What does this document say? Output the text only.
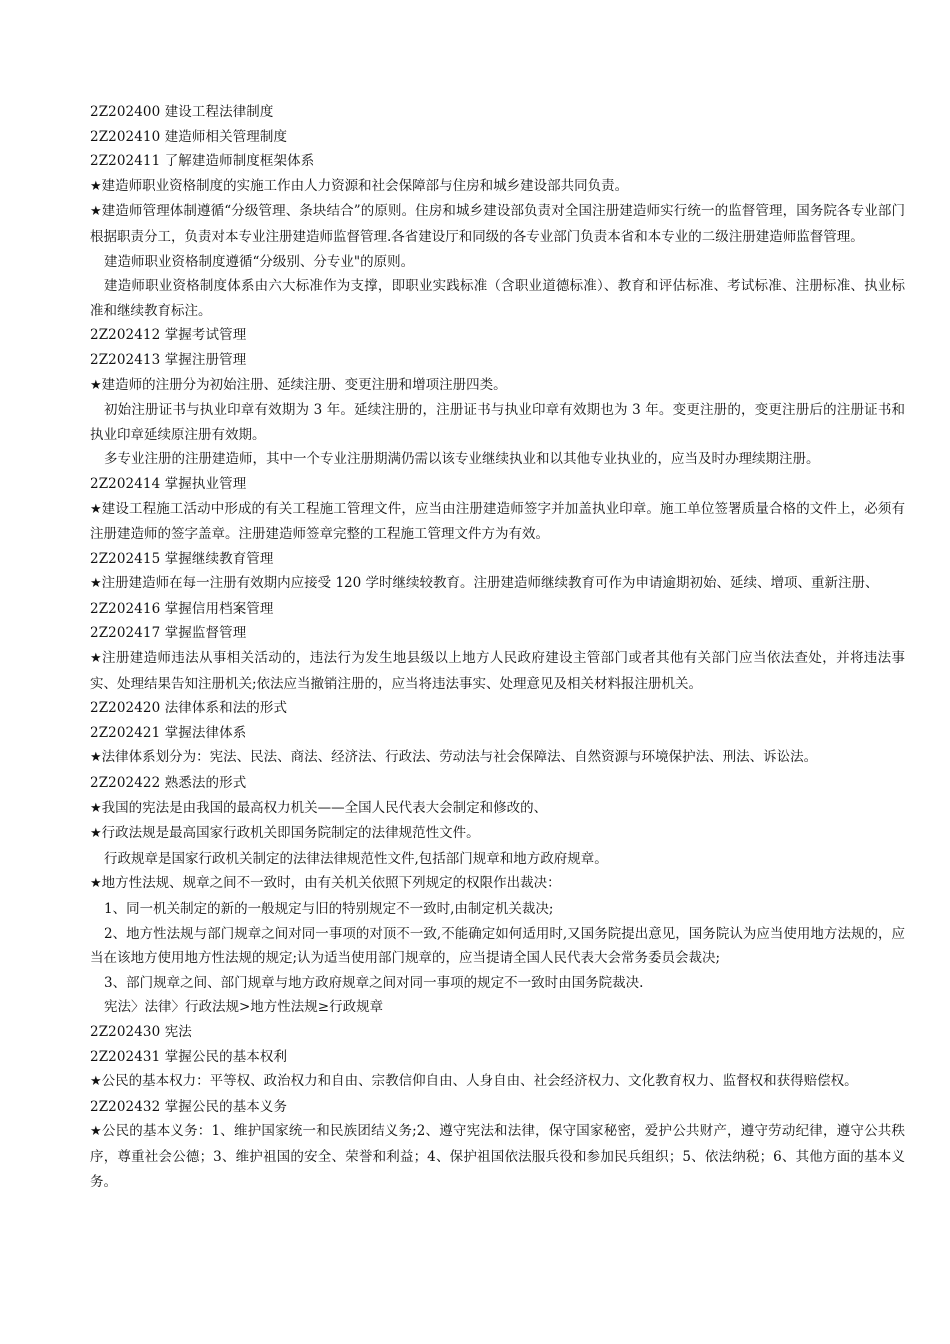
2Z202400 建设工程法律制度

2Z202410 建造师相关管理制度

2Z202411 了解建造师制度框架体系

★建造师职业资格制度的实施工作由人力资源和社会保障部与住房和城乡建设部共同负责。

★建造师管理体制遵循“分级管理、条块结合”的原则。住房和城乡建设部负责对全国注册建造师实行统一的监督管理，国务院各专业部门根据职责分工，负责对本专业注册建造师监督管理.各省建设厅和同级的各专业部门负责本省和本专业的二级注册建造师监督管理。

建造师职业资格制度遵循“分级别、分专业"的原则。

建造师职业资格制度体系由六大标准作为支撑，即职业实践标准（含职业道德标准）、教育和评估标准、考试标准、注册标准、执业标准和继续教育标注。

2Z202412 掌握考试管理

2Z202413 掌握注册管理

★建造师的注册分为初始注册、延续注册、变更注册和增项注册四类。

初始注册证书与执业印章有效期为 3 年。延续注册的，注册证书与执业印章有效期也为 3 年。变更注册的，变更注册后的注册证书和执业印章延续原注册有效期。

多专业注册的注册建造师，其中一个专业注册期满仍需以该专业继续执业和以其他专业执业的，应当及时办理续期注册。

2Z202414 掌握执业管理

★建设工程施工活动中形成的有关工程施工管理文件，应当由注册建造师签字并加盖执业印章。施工单位签署质量合格的文件上，必须有注册建造师的签字盖章。注册建造师签章完整的工程施工管理文件方为有效。

2Z202415 掌握继续教育管理

★注册建造师在每一注册有效期内应接受 120 学时继续较教育。注册建造师继续教育可作为申请逾期初始、延续、增项、重新注册、

2Z202416 掌握信用档案管理

2Z202417 掌握监督管理

★注册建造师违法从事相关活动的，违法行为发生地县级以上地方人民政府建设主管部门或者其他有关部门应当依法查处，并将违法事实、处理结果告知注册机关;依法应当撤销注册的，应当将违法事实、处理意见及相关材料报注册机关。

2Z202420 法律体系和法的形式

2Z202421 掌握法律体系

★法律体系划分为：宪法、民法、商法、经济法、行政法、劳动法与社会保障法、自然资源与环境保护法、刑法、诉讼法。

2Z202422 熟悉法的形式

★我国的宪法是由我国的最高权力机关——全国人民代表大会制定和修改的、

★行政法规是最高国家行政机关即国务院制定的法律规范性文件。

行政规章是国家行政机关制定的法律法律规范性文件,包括部门规章和地方政府规章。

★地方性法规、规章之间不一致时，由有关机关依照下列规定的权限作出裁决：

1、同一机关制定的新的一般规定与旧的特别规定不一致时,由制定机关裁决;

2、地方性法规与部门规章之间对同一事项的对顶不一致,不能确定如何适用时,又国务院提出意见，国务院认为应当使用地方法规的，应当在该地方使用地方性法规的规定;认为适当使用部门规章的，应当提请全国人民代表大会常务委员会裁决;

3、部门规章之间、部门规章与地方政府规章之间对同一事项的规定不一致时由国务院裁决.

宪法〉法律〉行政法规>地方性法规≥行政规章

2Z202430 宪法

2Z202431 掌握公民的基本权利

★公民的基本权力：平等权、政治权力和自由、宗教信仰自由、人身自由、社会经济权力、文化教育权力、监督权和获得赔偿权。

2Z202432 掌握公民的基本义务

★公民的基本义务：1、维护国家统一和民族团结义务;2、遵守宪法和法律，保守国家秘密，爱护公共财产，遵守劳动纪律，遵守公共秩序，尊重社会公德；3、维护祖国的安全、荣誉和利益；4、保护祖国依法服兵役和参加民兵组织；5、依法纳税；6、其他方面的基本义务。
